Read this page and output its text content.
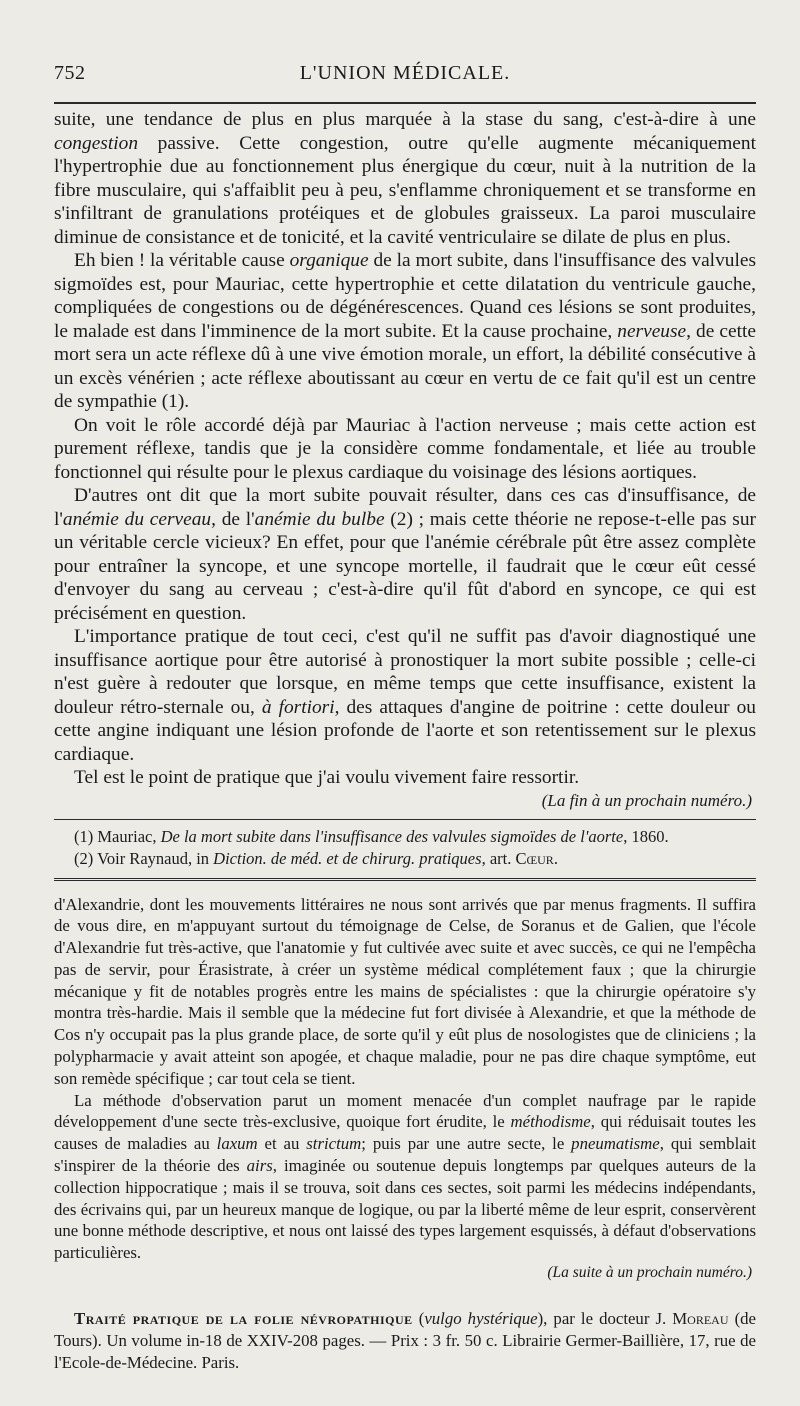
752	L'UNION MÉDICALE.

suite, une tendance de plus en plus marquée à la stase du sang, c'est-à-dire à une congestion passive. Cette congestion, outre qu'elle augmente mécaniquement l'hypertrophie due au fonctionnement plus énergique du cœur, nuit à la nutrition de la fibre musculaire, qui s'affaiblit peu à peu, s'enflamme chroniquement et se transforme en s'infiltrant de granulations protéiques et de globules graisseux. La paroi musculaire diminue de consistance et de tonicité, et la cavité ventriculaire se dilate de plus en plus.

Eh bien ! la véritable cause organique de la mort subite, dans l'insuffisance des valvules sigmoïdes est, pour Mauriac, cette hypertrophie et cette dilatation du ventricule gauche, compliquées de congestions ou de dégénérescences. Quand ces lésions se sont produites, le malade est dans l'imminence de la mort subite. Et la cause prochaine, nerveuse, de cette mort sera un acte réflexe dû à une vive émotion morale, un effort, la débilité consécutive à un excès vénérien ; acte réflexe aboutissant au cœur en vertu de ce fait qu'il est un centre de sympathie (1).

On voit le rôle accordé déjà par Mauriac à l'action nerveuse ; mais cette action est purement réflexe, tandis que je la considère comme fondamentale, et liée au trouble fonctionnel qui résulte pour le plexus cardiaque du voisinage des lésions aortiques.

D'autres ont dit que la mort subite pouvait résulter, dans ces cas d'insuffisance, de l'anémie du cerveau, de l'anémie du bulbe (2) ; mais cette théorie ne repose-t-elle pas sur un véritable cercle vicieux? En effet, pour que l'anémie cérébrale pût être assez complète pour entraîner la syncope, et une syncope mortelle, il faudrait que le cœur eût cessé d'envoyer du sang au cerveau ; c'est-à-dire qu'il fût d'abord en syncope, ce qui est précisément en question.

L'importance pratique de tout ceci, c'est qu'il ne suffit pas d'avoir diagnostiqué une insuffisance aortique pour être autorisé à pronostiquer la mort subite possible ; celle-ci n'est guère à redouter que lorsque, en même temps que cette insuffisance, existent la douleur rétro-sternale ou, à fortiori, des attaques d'angine de poitrine : cette douleur ou cette angine indiquant une lésion profonde de l'aorte et son retentissement sur le plexus cardiaque.

Tel est le point de pratique que j'ai voulu vivement faire ressortir.

(La fin à un prochain numéro.)

(1) Mauriac, De la mort subite dans l'insuffisance des valvules sigmoïdes de l'aorte, 1860.

(2) Voir Raynaud, in Diction. de méd. et de chirurg. pratiques, art. Cœur.

d'Alexandrie, dont les mouvements littéraires ne nous sont arrivés que par menus fragments. Il suffira de vous dire, en m'appuyant surtout du témoignage de Celse, de Soranus et de Galien, que l'école d'Alexandrie fut très-active, que l'anatomie y fut cultivée avec suite et avec succès, ce qui ne l'empêcha pas de servir, pour Érasistrate, à créer un système médical complétement faux ; que la chirurgie mécanique y fit de notables progrès entre les mains de spécialistes : que la chirurgie opératoire s'y montra très-hardie. Mais il semble que la médecine fut fort divisée à Alexandrie, et que la méthode de Cos n'y occupait pas la plus grande place, de sorte qu'il y eût plus de nosologistes que de cliniciens ; la polypharmacie y avait atteint son apogée, et chaque maladie, pour ne pas dire chaque symptôme, eut son remède spécifique ; car tout cela se tient.

La méthode d'observation parut un moment menacée d'un complet naufrage par le rapide développement d'une secte très-exclusive, quoique fort érudite, le méthodisme, qui réduisait toutes les causes de maladies au laxum et au strictum; puis par une autre secte, le pneumatisme, qui semblait s'inspirer de la théorie des airs, imaginée ou soutenue depuis longtemps par quelques auteurs de la collection hippocratique ; mais il se trouva, soit dans ces sectes, soit parmi les médecins indépendants, des écrivains qui, par un heureux manque de logique, ou par la liberté même de leur esprit, conservèrent une bonne méthode descriptive, et nous ont laissé des types largement esquissés, à défaut d'observations particulières.

(La suite à un prochain numéro.)

Traité pratique de la folie névropathique (vulgo hystérique), par le docteur J. Moreau (de Tours). Un volume in-18 de XXIV-208 pages. — Prix : 3 fr. 50 c. Librairie Germer-Baillière, 17, rue de l'Ecole-de-Médecine. Paris.
